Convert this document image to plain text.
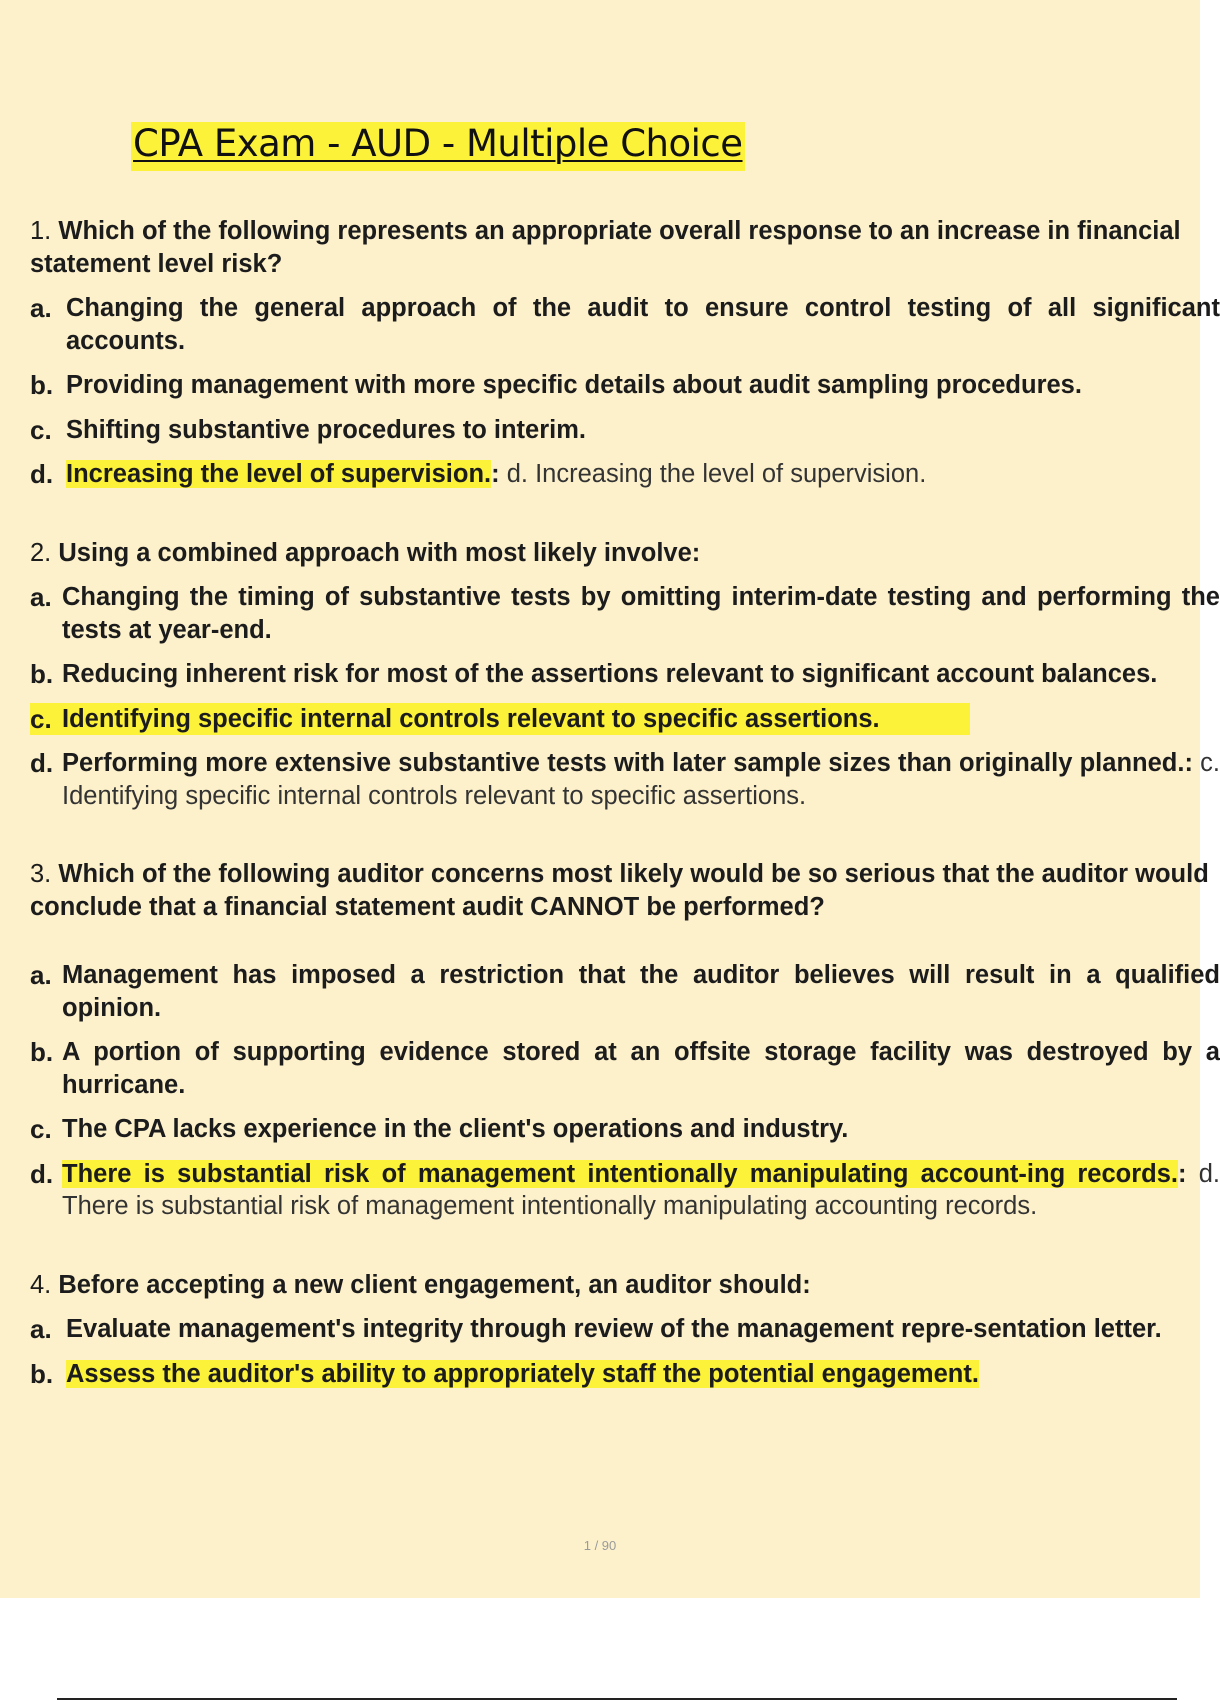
CPA Exam - AUD - Multiple Choice
1. Which of the following represents an appropriate overall response to an increase in financial statement level risk?
a. Changing the general approach of the audit to ensure control testing of all significant accounts.
b. Providing management with more specific details about audit sampling procedures.
c. Shifting substantive procedures to interim.
d. Increasing the level of supervision.: d. Increasing the level of supervision.
2. Using a combined approach with most likely involve:
a. Changing the timing of substantive tests by omitting interim-date testing and performing the tests at year-end.
b. Reducing inherent risk for most of the assertions relevant to significant account balances.
c. Identifying specific internal controls relevant to specific assertions.
d. Performing more extensive substantive tests with later sample sizes than originally planned.: c. Identifying specific internal controls relevant to specific assertions.
3. Which of the following auditor concerns most likely would be so serious that the auditor would conclude that a financial statement audit CANNOT be performed?
a. Management has imposed a restriction that the auditor believes will result in a qualified opinion.
b. A portion of supporting evidence stored at an offsite storage facility was destroyed by a hurricane.
c. The CPA lacks experience in the client's operations and industry.
d. There is substantial risk of management intentionally manipulating account-ing records.: d. There is substantial risk of management intentionally manipulating accounting records.
4. Before accepting a new client engagement, an auditor should:
a. Evaluate management's integrity through review of the management repre-sentation letter.
b. Assess the auditor's ability to appropriately staff the potential engagement.
1 / 90
